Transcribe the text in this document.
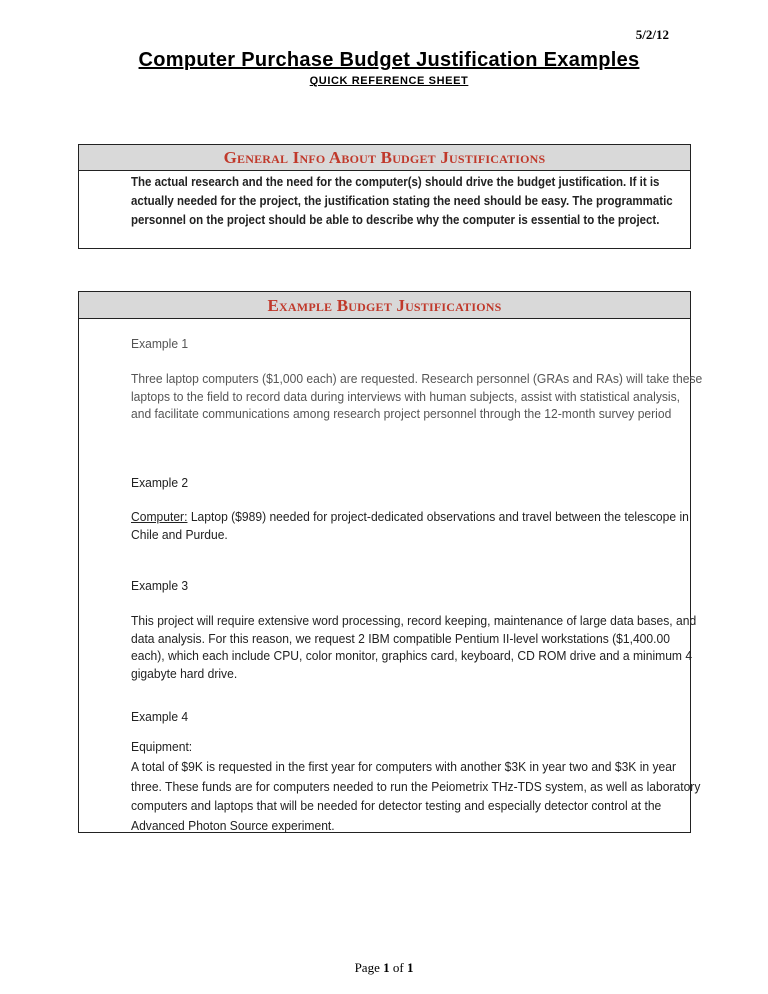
5/2/12
Computer Purchase Budget Justification Examples
QUICK REFERENCE SHEET
General Info About Budget Justifications
The actual research and the need for the computer(s) should drive the budget justification. If it is actually needed for the project, the justification stating the need should be easy. The programmatic personnel on the project should be able to describe why the computer is essential to the project.
Example Budget Justifications
Example 1
Three laptop computers ($1,000 each) are requested. Research personnel (GRAs and RAs) will take these laptops to the field to record data during interviews with human subjects, assist with statistical analysis, and facilitate communications among research project personnel through the 12-month survey period
Example 2
Computer: Laptop ($989) needed for project-dedicated observations and travel between the telescope in Chile and Purdue.
Example 3
This project will require extensive word processing, record keeping, maintenance of large data bases, and data analysis. For this reason, we request 2 IBM compatible Pentium II-level workstations ($1,400.00 each), which each include CPU, color monitor, graphics card, keyboard, CD ROM drive and a minimum 4 gigabyte hard drive.
Example 4
Equipment:
A total of $9K is requested in the first year for computers with another $3K in year two and $3K in year three. These funds are for computers needed to run the Peiometrix THz-TDS system, as well as laboratory computers and laptops that will be needed for detector testing and especially detector control at the Advanced Photon Source experiment.
Page 1 of 1
